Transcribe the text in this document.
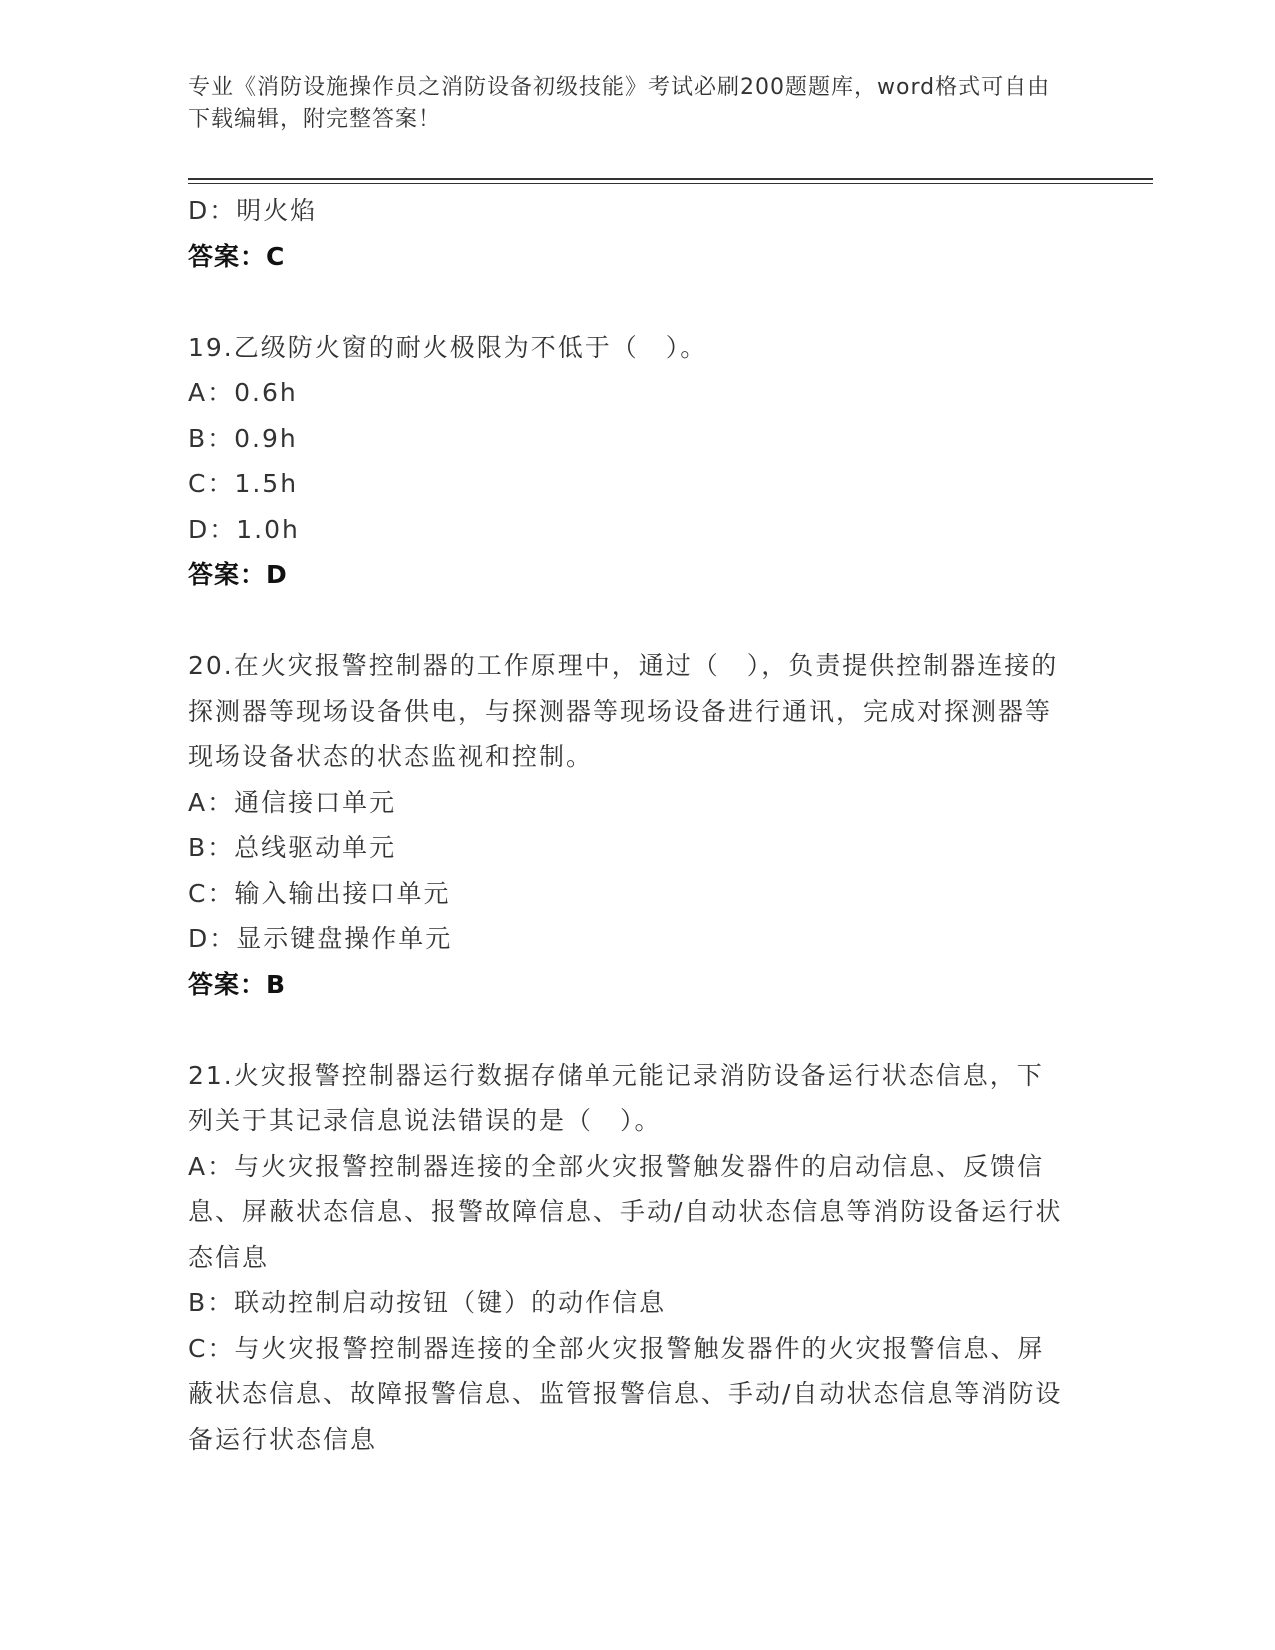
专业《消防设施操作员之消防设备初级技能》考试必刷200题题库，word格式可自由下载编辑，附完整答案！
D：明火焰
答案：C
19.乙级防火窗的耐火极限为不低于（　）。
A：0.6h
B：0.9h
C：1.5h
D：1.0h
答案：D
20.在火灾报警控制器的工作原理中，通过（　），负责提供控制器连接的探测器等现场设备供电，与探测器等现场设备进行通讯，完成对探测器等现场设备状态的状态监视和控制。
A：通信接口单元
B：总线驱动单元
C：输入输出接口单元
D：显示键盘操作单元
答案：B
21.火灾报警控制器运行数据存储单元能记录消防设备运行状态信息，下列关于其记录信息说法错误的是（　）。
A：与火灾报警控制器连接的全部火灾报警触发器件的启动信息、反馈信息、屏蔽状态信息、报警故障信息、手动/自动状态信息等消防设备运行状态信息
B：联动控制启动按钮（键）的动作信息
C：与火灾报警控制器连接的全部火灾报警触发器件的火灾报警信息、屏蔽状态信息、故障报警信息、监管报警信息、手动/自动状态信息等消防设备运行状态信息
